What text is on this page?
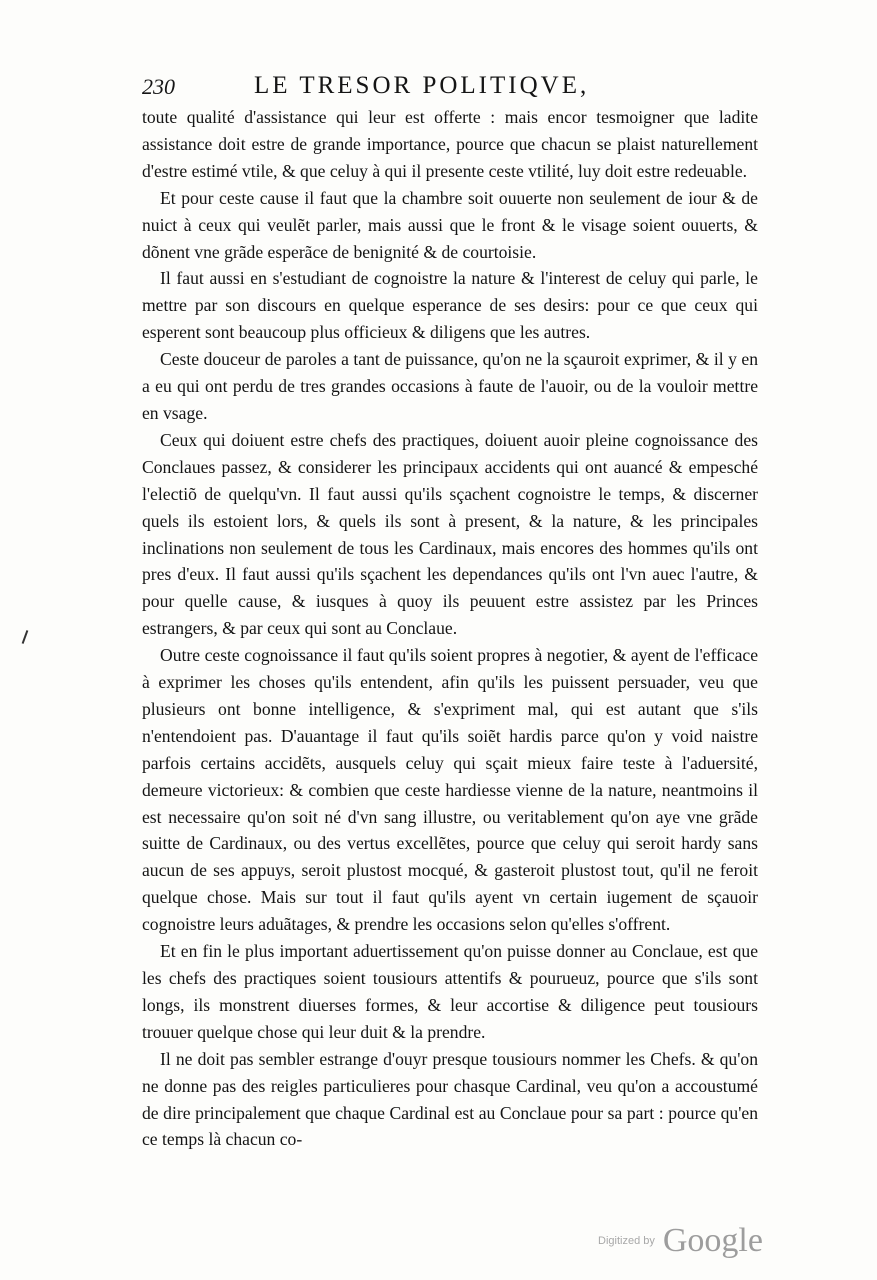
230	LE TRESOR POLITIQVE,

toute qualité d'assistance qui leur est offerte : mais encor tesmoigner que ladite assistance doit estre de grande importance, pource que chacun se plaist naturellement d'estre estimé vtile, & que celuy à qui il presente ceste vtilité, luy doit estre redeuable.

Et pour ceste cause il faut que la chambre soit ouuerte non seulement de iour & de nuict à ceux qui veulẽt parler, mais aussi que le front & le visage soient ouuerts, & dõnent vne grãde esperãce de benignité & de courtoisie.

Il faut aussi en s'estudiant de cognoistre la nature & l'interest de celuy qui parle, le mettre par son discours en quelque esperance de ses desirs: pour ce que ceux qui esperent sont beaucoup plus officieux & diligens que les autres.

Ceste douceur de paroles a tant de puissance, qu'on ne la sçauroit exprimer, & il y en a eu qui ont perdu de tres grandes occasions à faute de l'auoir, ou de la vouloir mettre en vsage.

Ceux qui doiuent estre chefs des practiques, doiuent auoir pleine cognoissance des Conclaues passez, & considerer les principaux accidents qui ont auancé & empesché l'electiõ de quelqu'vn. Il faut aussi qu'ils sçachent cognoistre le temps, & discerner quels ils estoient lors, & quels ils sont à present, & la nature, & les principales inclinations non seulement de tous les Cardinaux, mais encores des hommes qu'ils ont pres d'eux. Il faut aussi qu'ils sçachent les dependances qu'ils ont l'vn auec l'autre, & pour quelle cause, & iusques à quoy ils peuuent estre assistez par les Princes estrangers, & par ceux qui sont au Conclaue.

Outre ceste cognoissance il faut qu'ils soient propres à negotier, & ayent de l'efficace à exprimer les choses qu'ils entendent, afin qu'ils les puissent persuader, veu que plusieurs ont bonne intelligence, & s'expriment mal, qui est autant que s'ils n'entendoient pas. D'auantage il faut qu'ils soiẽt hardis parce qu'on y void naistre parfois certains accidẽts, ausquels celuy qui sçait mieux faire teste à l'aduersité, demeure victorieux: & combien que ceste hardiesse vienne de la nature, neantmoins il est necessaire qu'on soit né d'vn sang illustre, ou veritablement qu'on aye vne grãde suitte de Cardinaux, ou des vertus excellẽtes, pource que celuy qui seroit hardy sans aucun de ses appuys, seroit plustost mocqué, & gasteroit plustost tout, qu'il ne feroit quelque chose. Mais sur tout il faut qu'ils ayent vn certain iugement de sçauoir cognoistre leurs aduãtages, & prendre les occasions selon qu'elles s'offrent.

Et en fin le plus important aduertissement qu'on puisse donner au Conclaue, est que les chefs des practiques soient tousiours attentifs & pourueuz, pource que s'ils sont longs, ils monstrent diuerses formes, & leur accortise & diligence peut tousiours trouuer quelque chose qui leur duit & la prendre.

Il ne doit pas sembler estrange d'ouyr presque tousiours nommer les Chefs. & qu'on ne donne pas des reigles particulieres pour chasque Cardinal, veu qu'on a accoustumé de dire principalement que chaque Cardinal est au Conclaue pour sa part : pource qu'en ce temps là chacun co-

Digitized by Google
